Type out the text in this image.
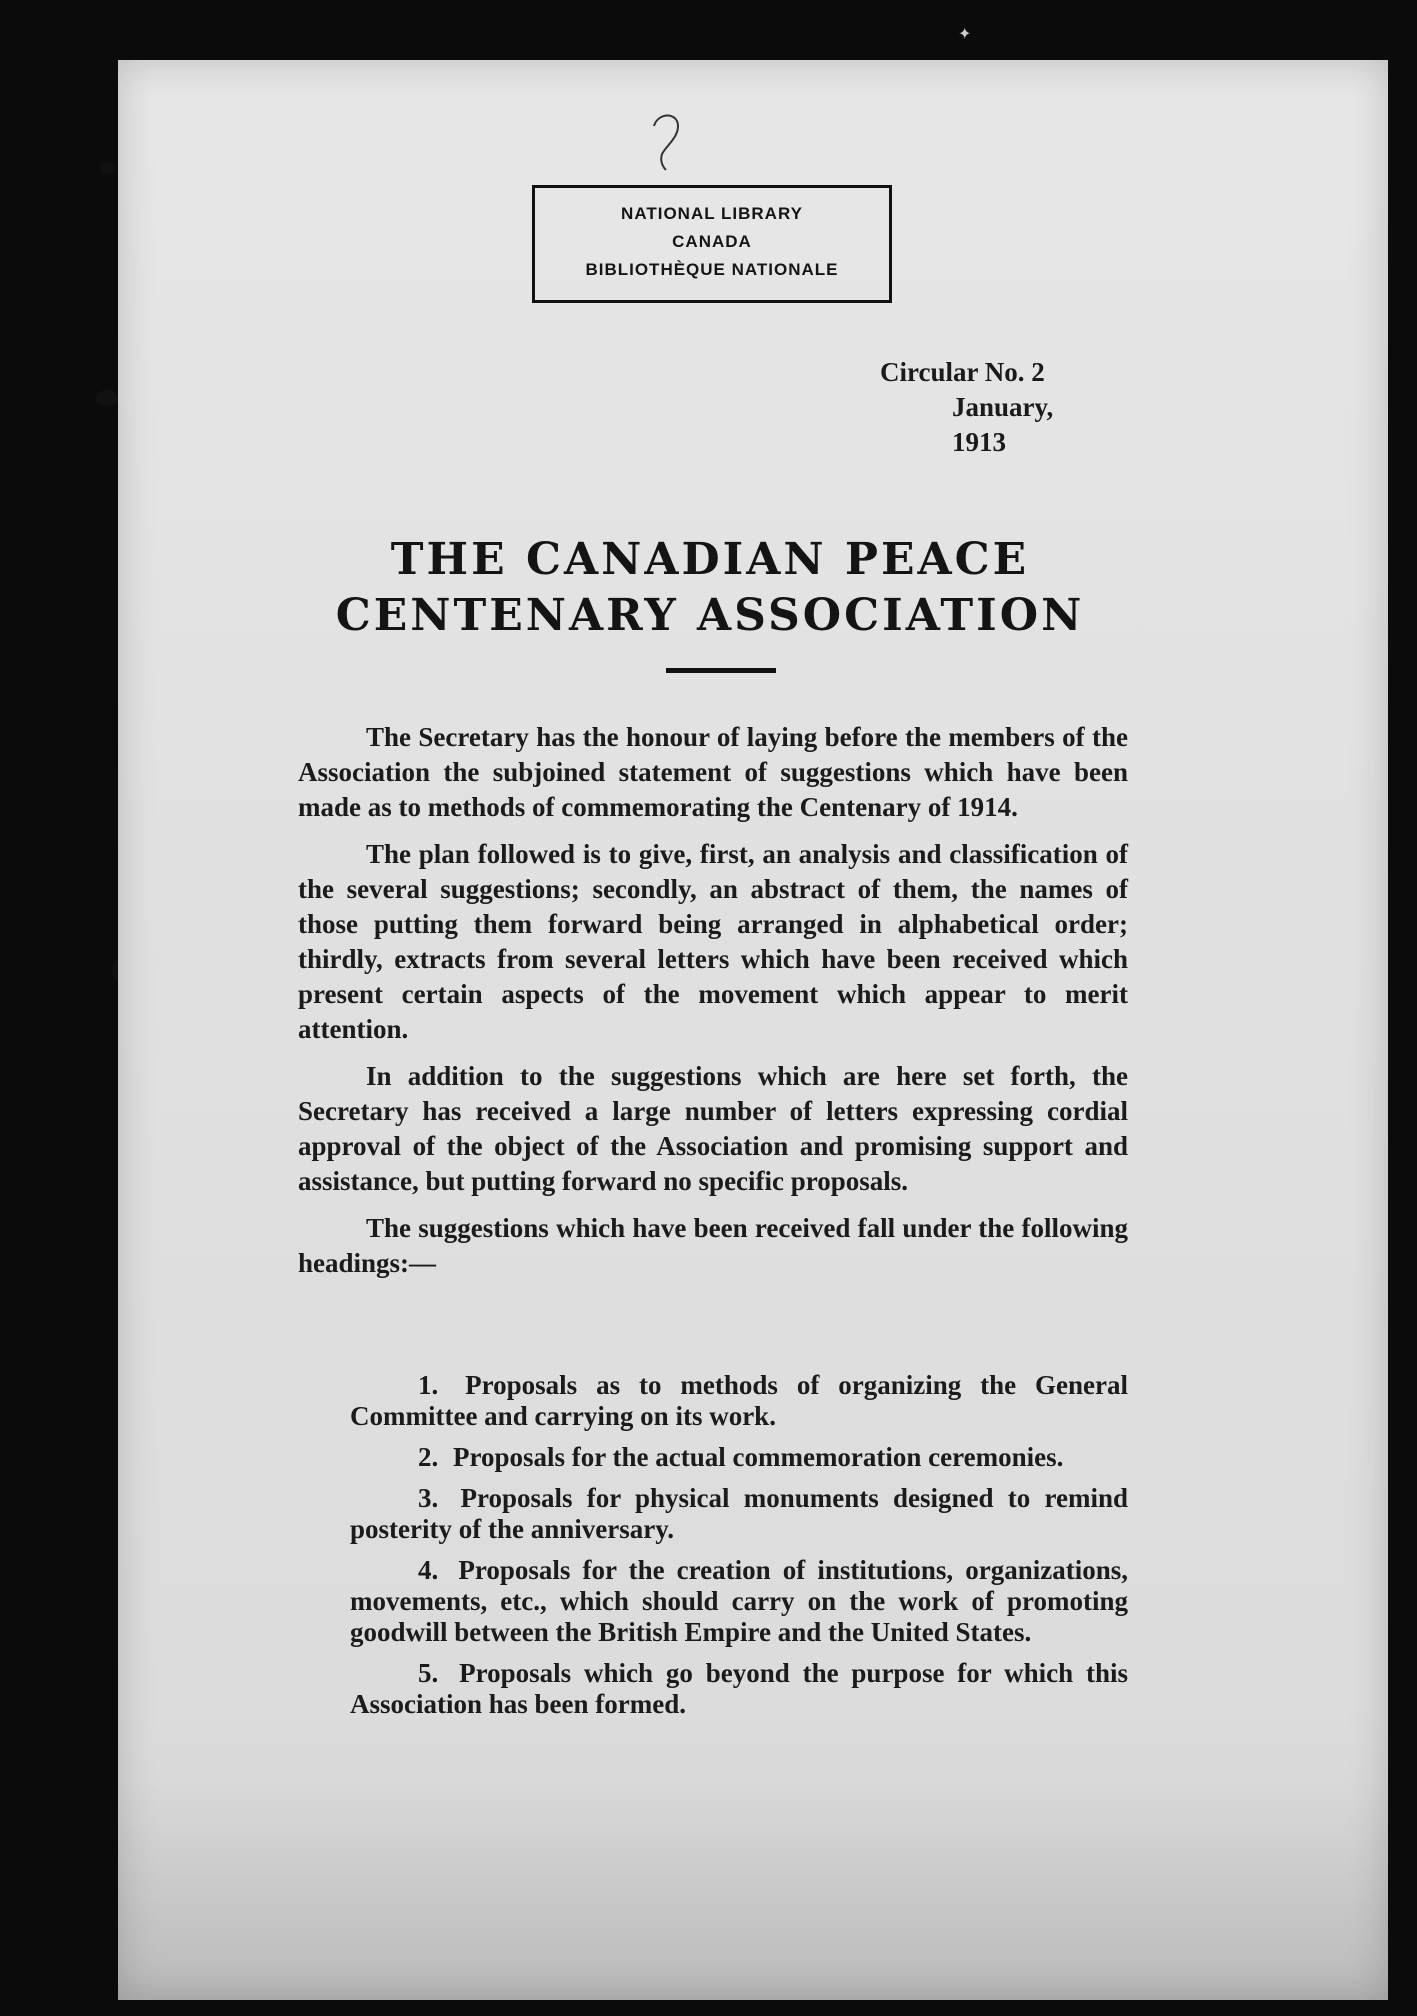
✦
NATIONAL LIBRARY
CANADA
BIBLIOTHÈQUE NATIONALE
Circular No. 2
January, 1913
THE CANADIAN PEACE
CENTENARY ASSOCIATION

The Secretary has the honour of laying before the members of the Association the subjoined statement of suggestions which have been made as to methods of commemorating the Centenary of 1914.

The plan followed is to give, first, an analysis and classification of the several suggestions; secondly, an abstract of them, the names of those putting them forward being arranged in alphabetical order; thirdly, extracts from several letters which have been received which present certain aspects of the movement which appear to merit attention.

In addition to the suggestions which are here set forth, the Secretary has received a large number of letters expressing cordial approval of the object of the Association and promising support and assistance, but putting forward no specific proposals.

The suggestions which have been received fall under the following headings:—

1. Proposals as to methods of organizing the General Committee and carrying on its work.
2. Proposals for the actual commemoration ceremonies.
3. Proposals for physical monuments designed to remind posterity of the anniversary.
4. Proposals for the creation of institutions, organizations, movements, etc., which should carry on the work of promoting goodwill between the British Empire and the United States.
5. Proposals which go beyond the purpose for which this Association has been formed.
